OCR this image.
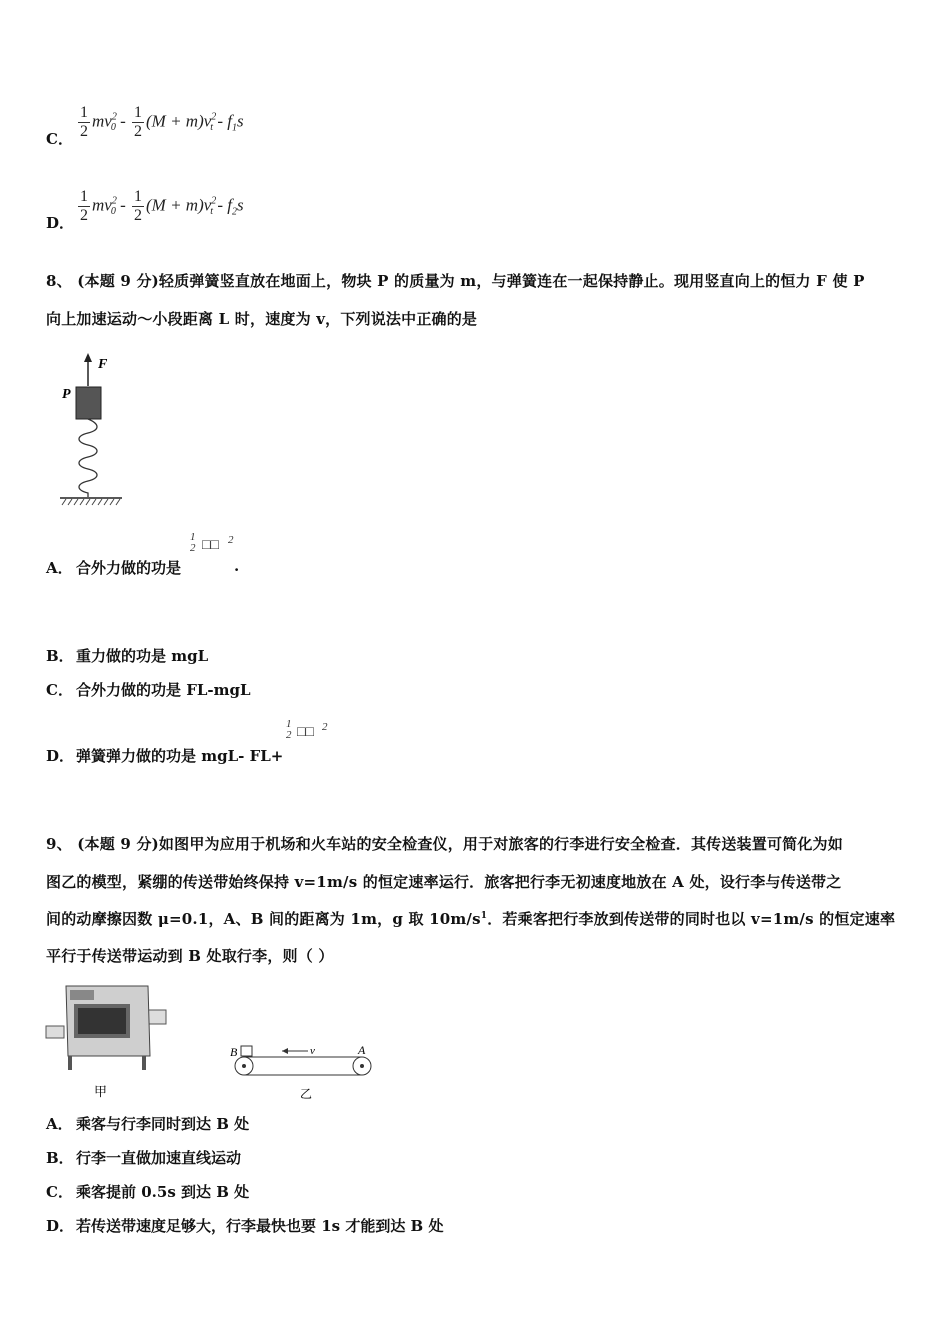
C． $\frac{1}{2} mv^2_0 - \frac{1}{2} (M + m)v^2_t - f_1s$
D． $\frac{1}{2} mv^2_0 - \frac{1}{2} (M + m)v^2_t - f_2s$
8、 (本题 9 分)轻质弹簧竖直放在地面上，物块 P 的质量为 m，与弹簧连在一起保持静止。现用竖直向上的恒力 F 使 P
向上加速运动～小段距离 L 时，速度为 v，下列说法中正确的是
F
P
A． 合外力做的功是
1
2 □□ 2
.
B． 重力做的功是 mgL
C． 合外力做的功是 FL-mgL
D． 弹簧弹力做的功是 mgL- FL+
1
2 □□ 2
9、 (本题 9 分)如图甲为应用于机场和火车站的安全检查仪，用于对旅客的行李进行安全检查．其传送装置可简化为如
图乙的模型，紧绷的传送带始终保持 v=1m/s 的恒定速率运行．旅客把行李无初速度地放在 A 处，设行李与传送带之
间的动摩擦因数 μ=0.1，A、B 间的距离为 1m，g 取 $10m/s^1$．若乘客把行李放到传送带的同时也以 v=1m/s 的恒定速率
平行于传送带运动到 B 处取行李，则（ ）
甲
B	v	A
乙
A． 乘客与行李同时到达 B 处
B． 行李一直做加速直线运动
C． 乘客提前 0.5s 到达 B 处
D． 若传送带速度足够大，行李最快也要 1s 才能到达 B 处
